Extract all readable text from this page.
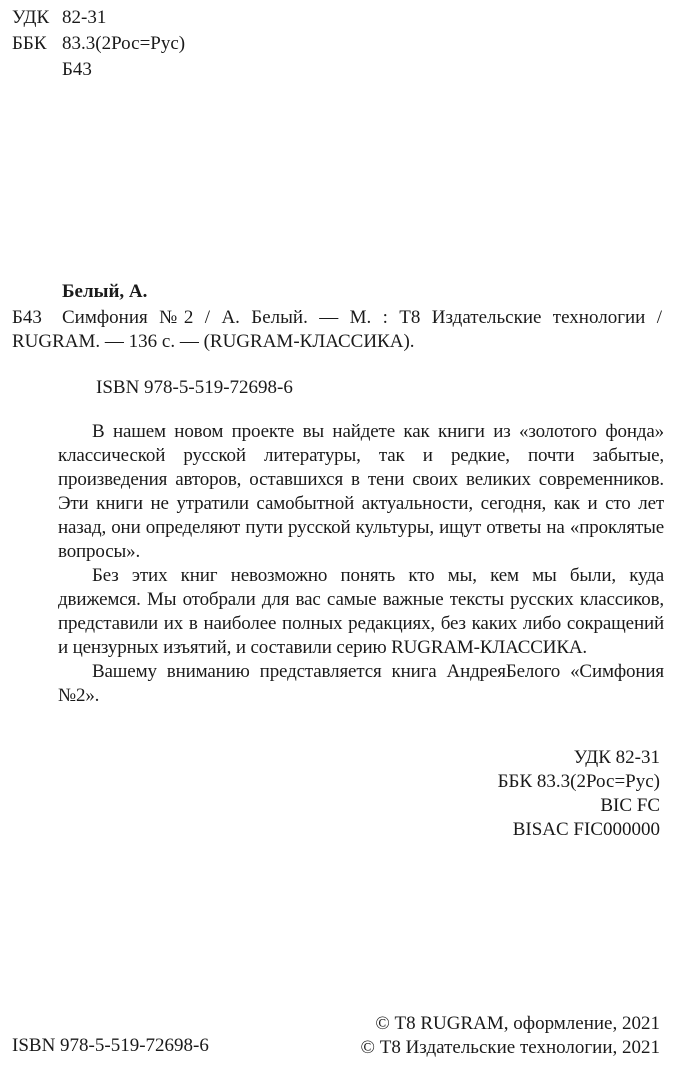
УДК 82-31
ББК 83.3(2Рос=Рус)
Б43
Белый, А.
Б43	Симфония №2 / А. Белый. — М. : Т8 Издательские технологии / RUGRAM. — 136 с. — (RUGRAM-КЛАССИКА).
ISBN 978-5-519-72698-6

В нашем новом проекте вы найдете как книги из «золотого фонда» классической русской литературы, так и редкие, почти забытые, произведения авторов, оставшихся в тени своих великих современников. Эти книги не утратили самобытной актуальности, сегодня, как и сто лет назад, они определяют пути русской культуры, ищут ответы на «проклятые вопросы».

Без этих книг невозможно понять кто мы, кем мы были, куда движемся. Мы отобрали для вас самые важные тексты русских классиков, представили их в наиболее полных редакциях, без каких либо сокращений и цензурных изъятий, и составили серию RUGRAM-КЛАССИКА.

Вашему вниманию представляется книга АндреяБелого «Симфония №2».

УДК 82-31
ББК 83.3(2Рос=Рус)
BIC FC
BISAC FIC000000
ISBN 978-5-519-72698-6
© Т8 RUGRAM, оформление, 2021
© Т8 Издательские технологии, 2021
